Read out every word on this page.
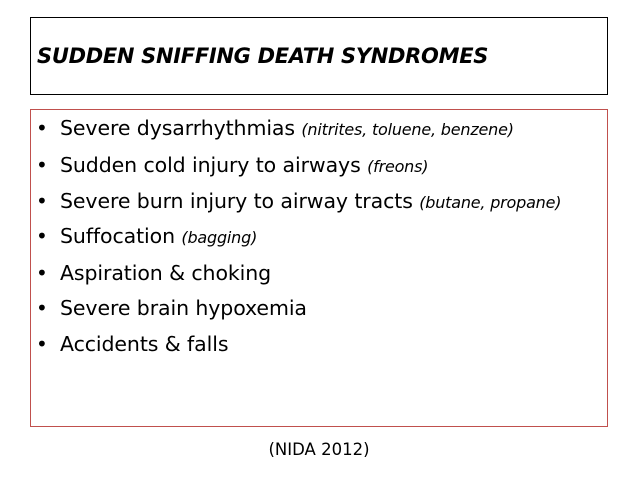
SUDDEN SNIFFING DEATH SYNDROMES
• Severe dysarrhythmias (nitrites, toluene, benzene)
• Sudden cold injury to airways (freons)
• Severe burn injury to airway tracts (butane, propane)
• Suffocation (bagging)
• Aspiration & choking
• Severe brain hypoxemia
• Accidents & falls
(NIDA 2012)
